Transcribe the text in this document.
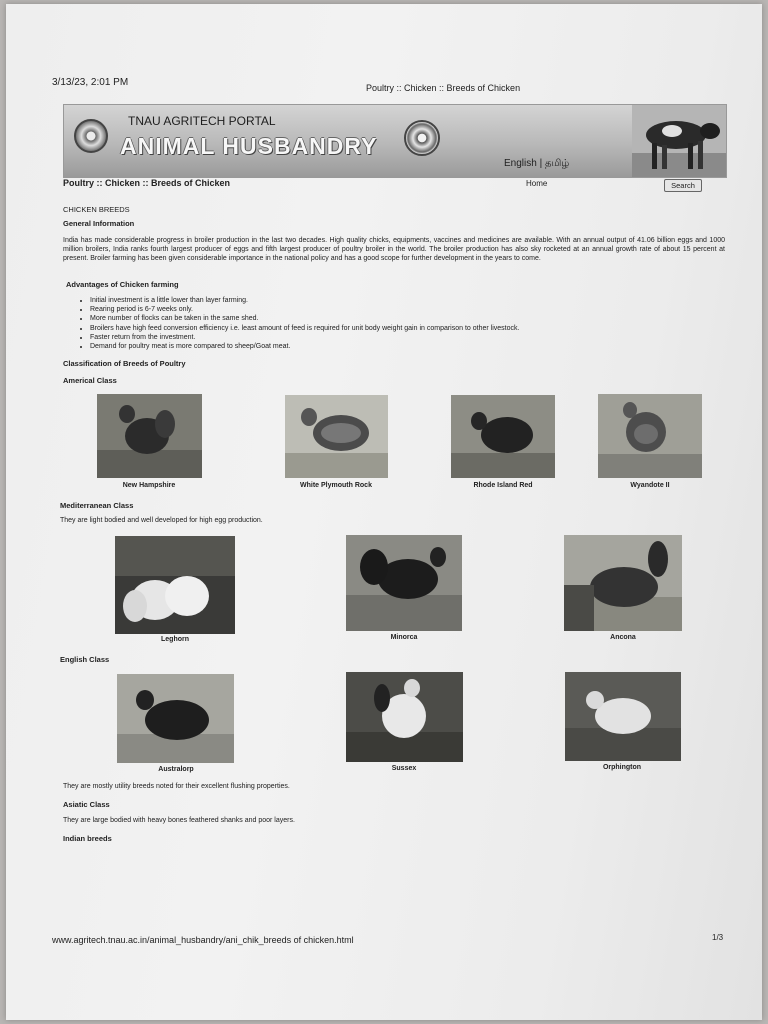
3/13/23, 2:01 PM	Poultry :: Chicken :: Breeds of Chicken
TNAU AGRITECH PORTAL
ANIMAL HUSBANDRY
English | தமிழ்
Poultry :: Chicken :: Breeds of Chicken	Home	Search
CHICKEN BREEDS
General Information
India has made considerable progress in broiler production in the last two decades. High quality chicks, equipments, vaccines and medicines are available. With an annual output of 41.06 billion eggs and 1000 million broilers, India ranks fourth largest producer of eggs and fifth largest producer of poultry broiler in the world. The broiler production has also sky rocketed at an annual growth rate of about 15 percent at present. Broiler farming has been given considerable importance in the national policy and has a good scope for further development in the years to come.
Advantages of Chicken farming
• Initial investment is a little lower than layer farming.
• Rearing period is 6-7 weeks only.
• More number of flocks can be taken in the same shed.
• Broilers have high feed conversion efficiency i.e. least amount of feed is required for unit body weight gain in comparison to other livestock.
• Faster return from the investment.
• Demand for poultry meat is more compared to sheep/Goat meat.
Classification of Breeds of Poultry
Americal Class
New Hampshire	White Plymouth Rock	Rhode Island Red	Wyandote II
Mediterranean Class
They are light bodied and well developed for high egg production.
Leghorn	Minorca	Ancona
English Class
Australorp	Sussex	Orphington
They are mostly utility breeds noted for their excellent flushing properties.
Asiatic Class
They are large bodied with heavy bones feathered shanks and poor layers.
Indian breeds
www.agritech.tnau.ac.in/animal_husbandry/ani_chik_breeds of chicken.html	1/3
